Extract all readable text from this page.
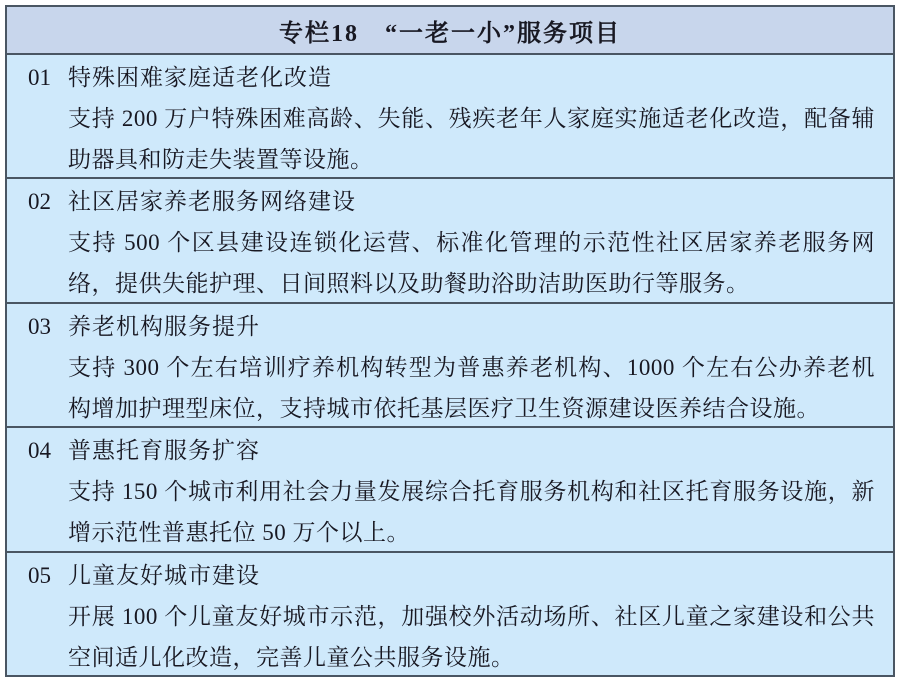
专栏18　“一老一小”服务项目
01 特殊困难家庭适老化改造
支持 200 万户特殊困难高龄、失能、残疾老年人家庭实施适老化改造，配备辅助器具和防走失装置等设施。
02 社区居家养老服务网络建设
支持 500 个区县建设连锁化运营、标准化管理的示范性社区居家养老服务网络，提供失能护理、日间照料以及助餐助浴助洁助医助行等服务。
03 养老机构服务提升
支持 300 个左右培训疗养机构转型为普惠养老机构、1000 个左右公办养老机构增加护理型床位，支持城市依托基层医疗卫生资源建设医养结合设施。
04 普惠托育服务扩容
支持 150 个城市利用社会力量发展综合托育服务机构和社区托育服务设施，新增示范性普惠托位 50 万个以上。
05 儿童友好城市建设
开展 100 个儿童友好城市示范，加强校外活动场所、社区儿童之家建设和公共空间适儿化改造，完善儿童公共服务设施。
